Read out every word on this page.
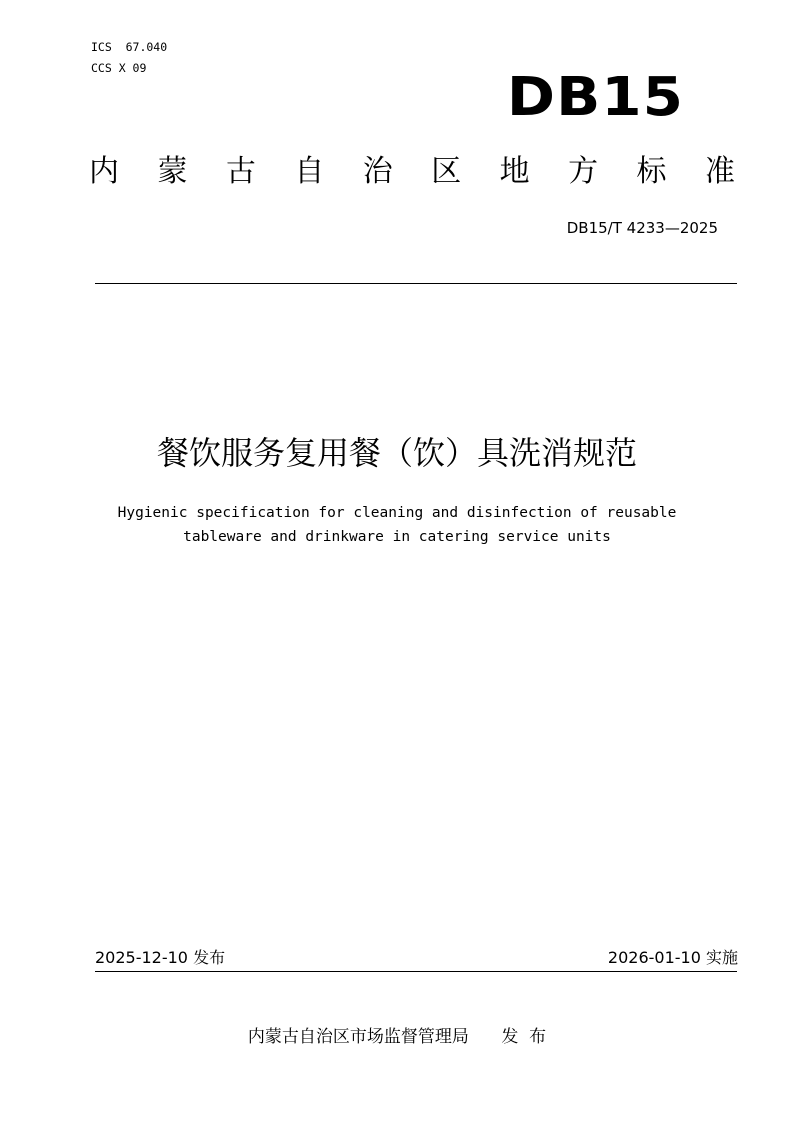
ICS  67.040
CCS X 09	DB15
内 蒙 古 自 治 区 地 方 标 准
DB15/T 4233—2025
餐饮服务复用餐（饮）具洗消规范
Hygienic specification for cleaning and disinfection of reusable
tableware and drinkware in catering service units
2025-12-10 发布	2026-01-10 实施
内蒙古自治区市场监督管理局 发  布
